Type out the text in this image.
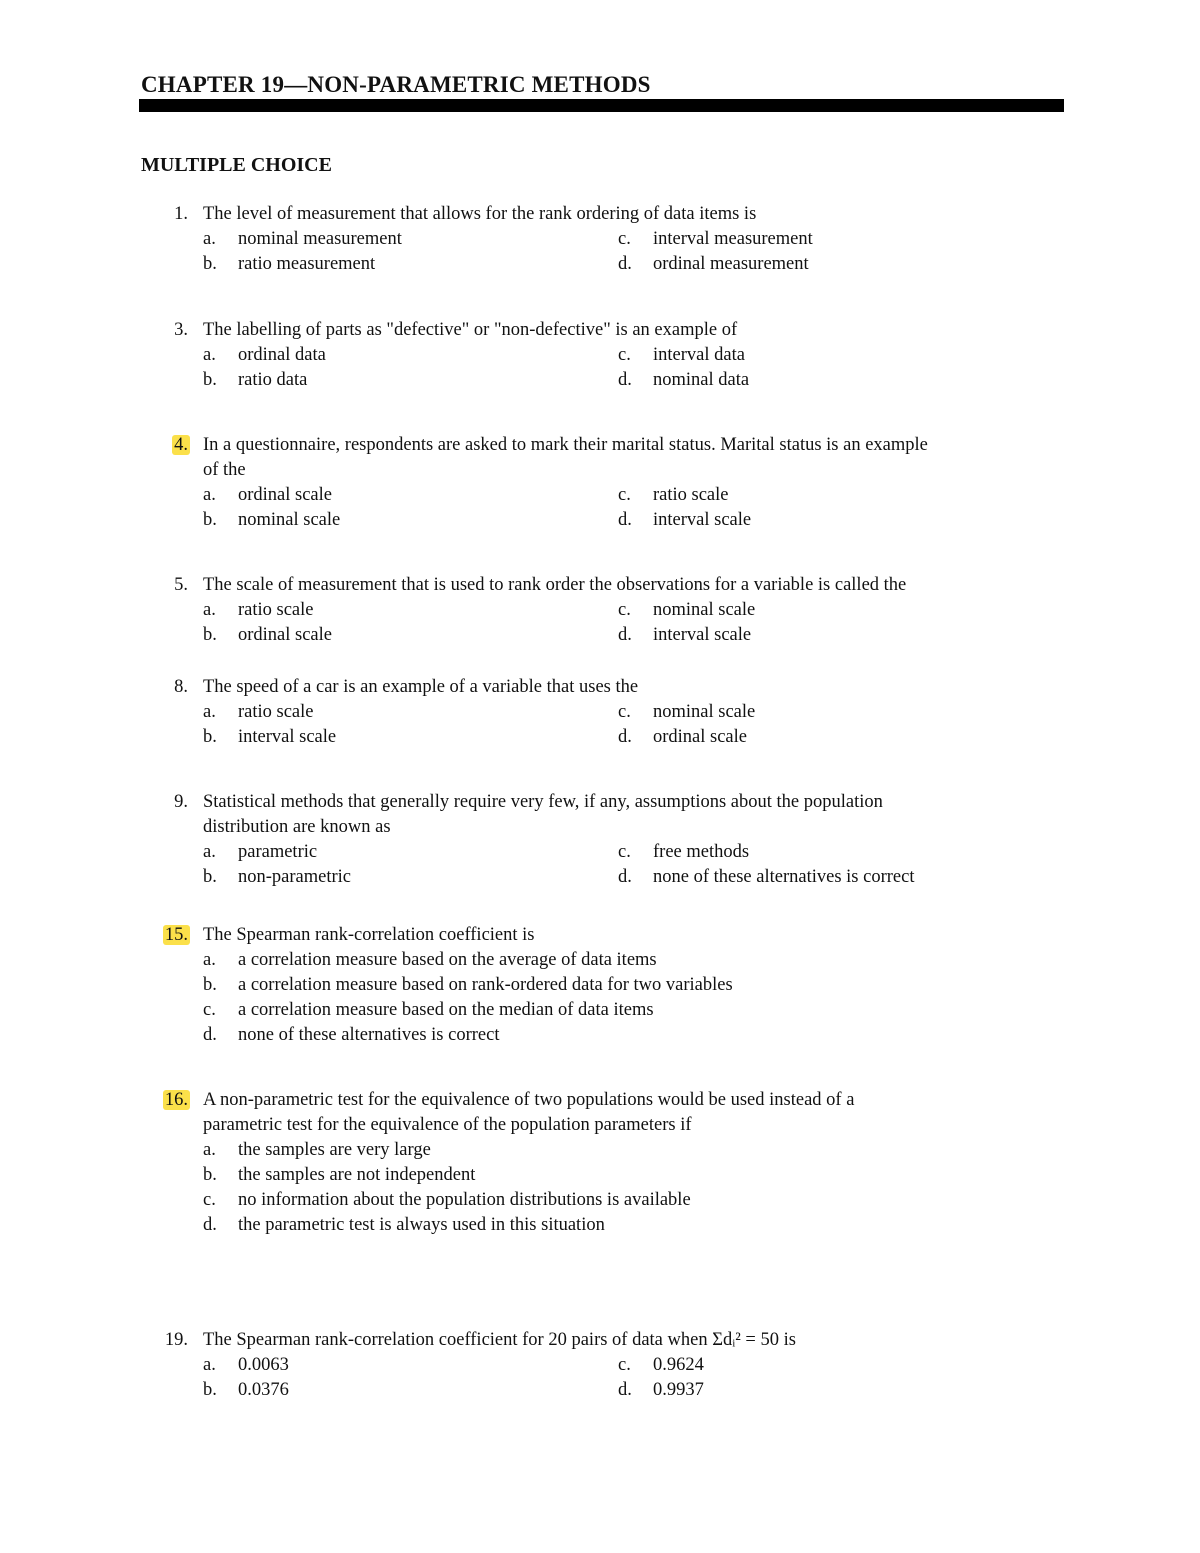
CHAPTER 19—NON-PARAMETRIC METHODS
MULTIPLE CHOICE
1. The level of measurement that allows for the rank ordering of data items is
a. nominal measurement	c. interval measurement
b. ratio measurement	d. ordinal measurement
3. The labelling of parts as "defective" or "non-defective" is an example of
a. ordinal data	c. interval data
b. ratio data	d. nominal data
4. In a questionnaire, respondents are asked to mark their marital status. Marital status is an example
of the
a. ordinal scale	c. ratio scale
b. nominal scale	d. interval scale
5. The scale of measurement that is used to rank order the observations for a variable is called the
a. ratio scale	c. nominal scale
b. ordinal scale	d. interval scale
8. The speed of a car is an example of a variable that uses the
a. ratio scale	c. nominal scale
b. interval scale	d. ordinal scale
9. Statistical methods that generally require very few, if any, assumptions about the population
distribution are known as
a. parametric	c. free methods
b. non-parametric	d. none of these alternatives is correct
15. The Spearman rank-correlation coefficient is
a. a correlation measure based on the average of data items
b. a correlation measure based on rank-ordered data for two variables
c. a correlation measure based on the median of data items
d. none of these alternatives is correct
16. A non-parametric test for the equivalence of two populations would be used instead of a
parametric test for the equivalence of the population parameters if
a. the samples are very large
b. the samples are not independent
c. no information about the population distributions is available
d. the parametric test is always used in this situation
19. The Spearman rank-correlation coefficient for 20 pairs of data when Σdᵢ² = 50 is
a. 0.0063	c. 0.9624
b. 0.0376	d. 0.9937
